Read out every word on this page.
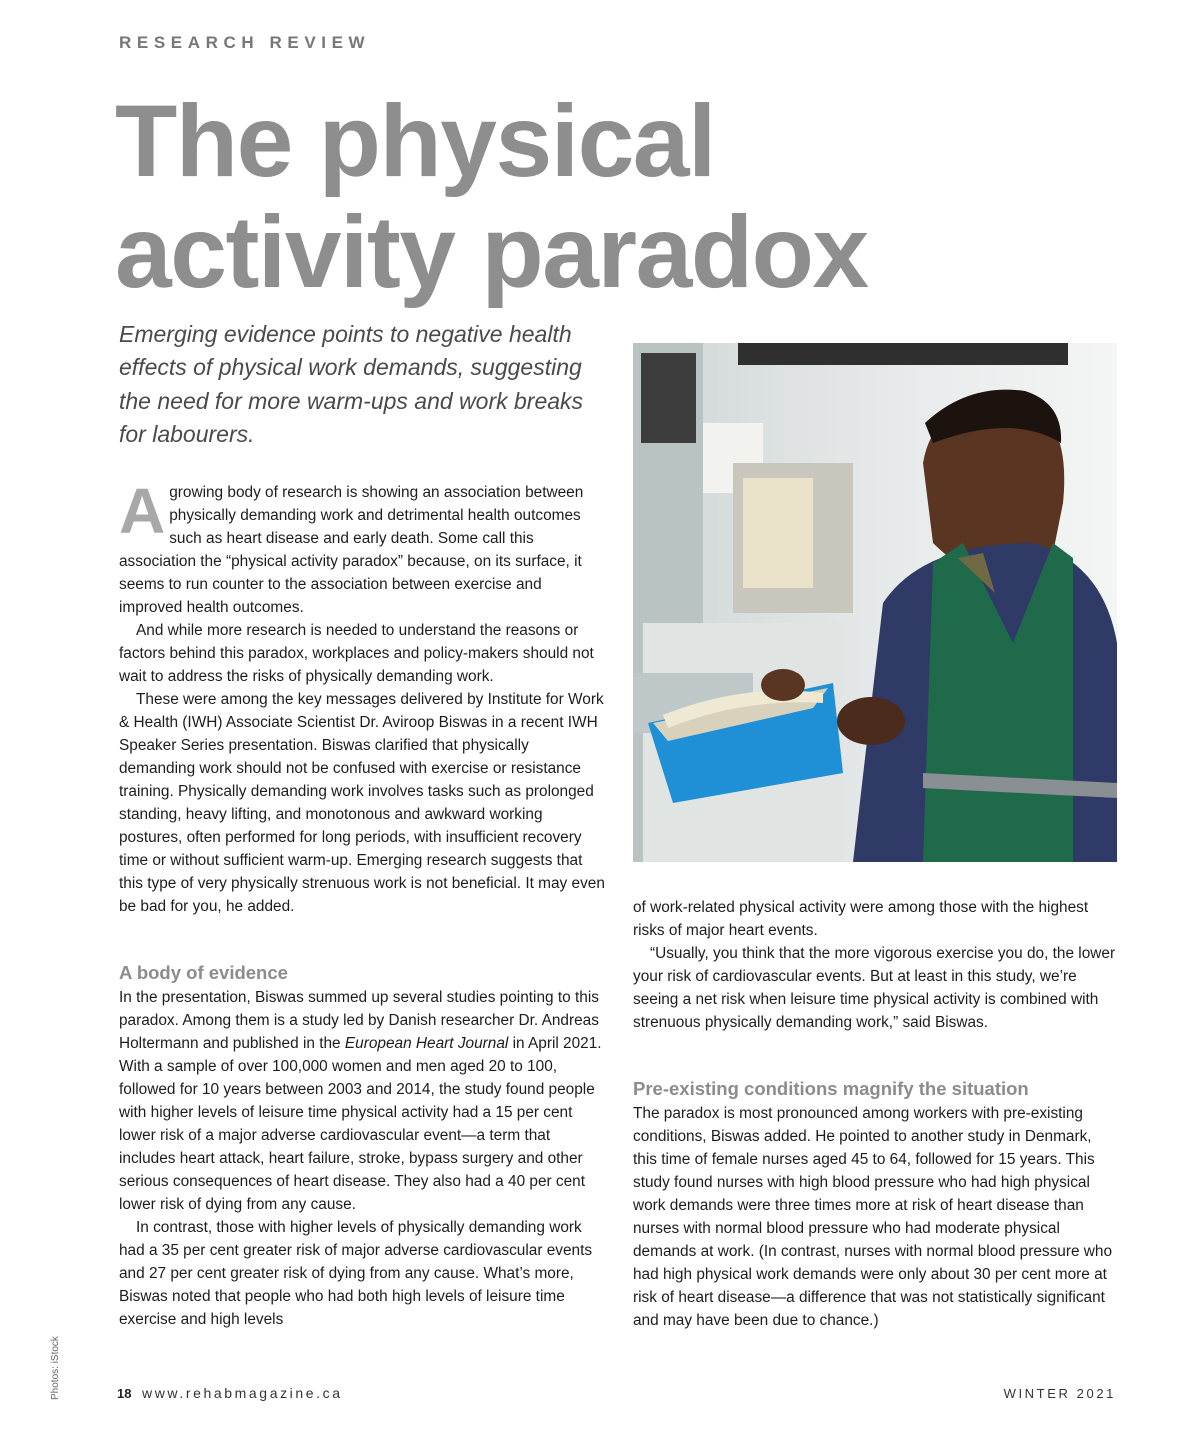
RESEARCH REVIEW
The physical
activity paradox

Emerging evidence points to negative health effects of physical work demands, suggesting the need for more warm-ups and work breaks for labourers.

A growing body of research is showing an association between physically demanding work and detrimental health outcomes such as heart disease and early death. Some call this association the “physical activity paradox” because, on its surface, it seems to run counter to the association between exercise and improved health outcomes.

And while more research is needed to understand the reasons or factors behind this paradox, workplaces and policy-makers should not wait to address the risks of physically demanding work.

These were among the key messages delivered by Institute for Work & Health (IWH) Associate Scientist Dr. Aviroop Biswas in a recent IWH Speaker Series presentation. Biswas clarified that physically demanding work should not be confused with exercise or resistance training. Physically demanding work involves tasks such as prolonged standing, heavy lifting, and monotonous and awkward working postures, often performed for long periods, with insufficient recovery time or without sufficient warm-up. Emerging research suggests that this type of very physically strenuous work is not beneficial. It may even be bad for you, he added.

A body of evidence

In the presentation, Biswas summed up several studies pointing to this paradox. Among them is a study led by Danish researcher Dr. Andreas Holtermann and published in the European Heart Journal in April 2021. With a sample of over 100,000 women and men aged 20 to 100, followed for 10 years between 2003 and 2014, the study found people with higher levels of leisure time physical activity had a 15 per cent lower risk of a major adverse cardiovascular event—a term that includes heart attack, heart failure, stroke, bypass surgery and other serious consequences of heart disease. They also had a 40 per cent lower risk of dying from any cause.

In contrast, those with higher levels of physically demanding work had a 35 per cent greater risk of major adverse cardiovascular events and 27 per cent greater risk of dying from any cause. What’s more, Biswas noted that people who had both high levels of leisure time exercise and high levels

of work-related physical activity were among those with the highest risks of major heart events.

“Usually, you think that the more vigorous exercise you do, the lower your risk of cardiovascular events. But at least in this study, we’re seeing a net risk when leisure time physical activity is combined with strenuous physically demanding work,” said Biswas.

Pre-existing conditions magnify the situation

The paradox is most pronounced among workers with pre-existing conditions, Biswas added. He pointed to another study in Denmark, this time of female nurses aged 45 to 64, followed for 15 years. This study found nurses with high blood pressure who had high physical work demands were three times more at risk of heart disease than nurses with normal blood pressure who had moderate physical demands at work. (In contrast, nurses with normal blood pressure who had high physical work demands were only about 30 per cent more at risk of heart disease—a difference that was not statistically significant and may have been due to chance.)

Photos: iStock	18 www.rehabmagazine.ca	WINTER 2021
